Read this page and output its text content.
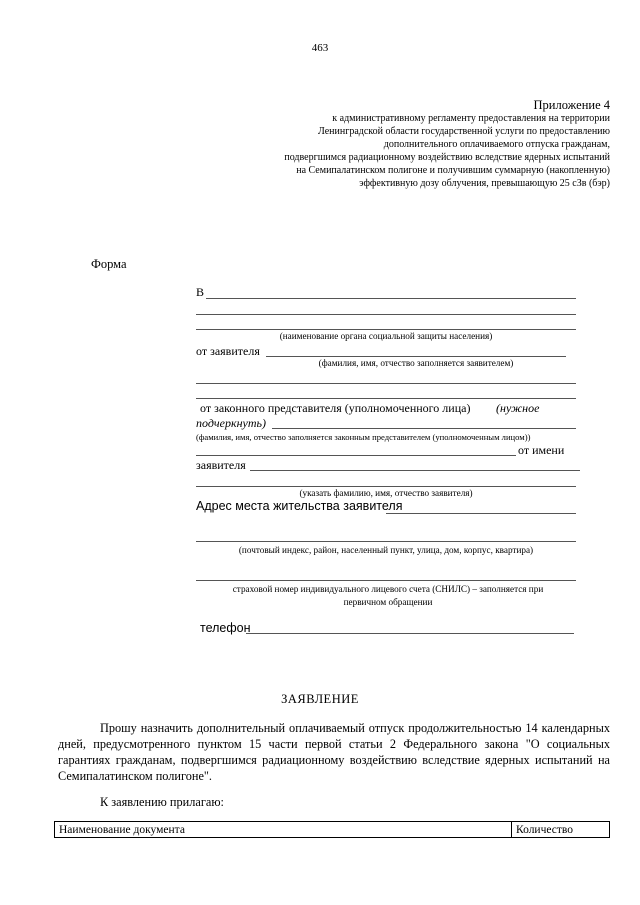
463
Приложение 4
к административному регламенту предоставления на территории
Ленинградской области государственной услуги по предоставлению
дополнительного оплачиваемого отпуска гражданам,
подвергшимся радиационному воздействию вследствие ядерных испытаний
на Семипалатинском полигоне и получившим суммарную (накопленную)
эффективную дозу облучения, превышающую 25 сЗв (бэр)
Форма
В
(наименование органа социальной защиты населения)
от заявителя
(фамилия, имя, отчество заполняется заявителем)
от законного представителя (уполномоченного лица) (нужное
подчеркнуть)
(фамилия, имя, отчество заполняется законным представителем (уполномоченным лицом))
от имени
заявителя
(указать фамилию, имя, отчество заявителя)
Адрес места жительства заявителя
(почтовый индекс, район, населенный пункт, улица, дом, корпус, квартира)
страховой номер индивидуального лицевого счета (СНИЛС) – заполняется при
первичном обращении
телефон
ЗАЯВЛЕНИЕ
Прошу назначить дополнительный оплачиваемый отпуск продолжительностью 14 календарных дней, предусмотренного пунктом 15 части первой статьи 2 Федерального закона "О социальных гарантиях гражданам, подвергшимся радиационному воздействию вследствие ядерных испытаний на Семипалатинском полигоне".
К заявлению прилагаю:
Наименование документа	Количество
